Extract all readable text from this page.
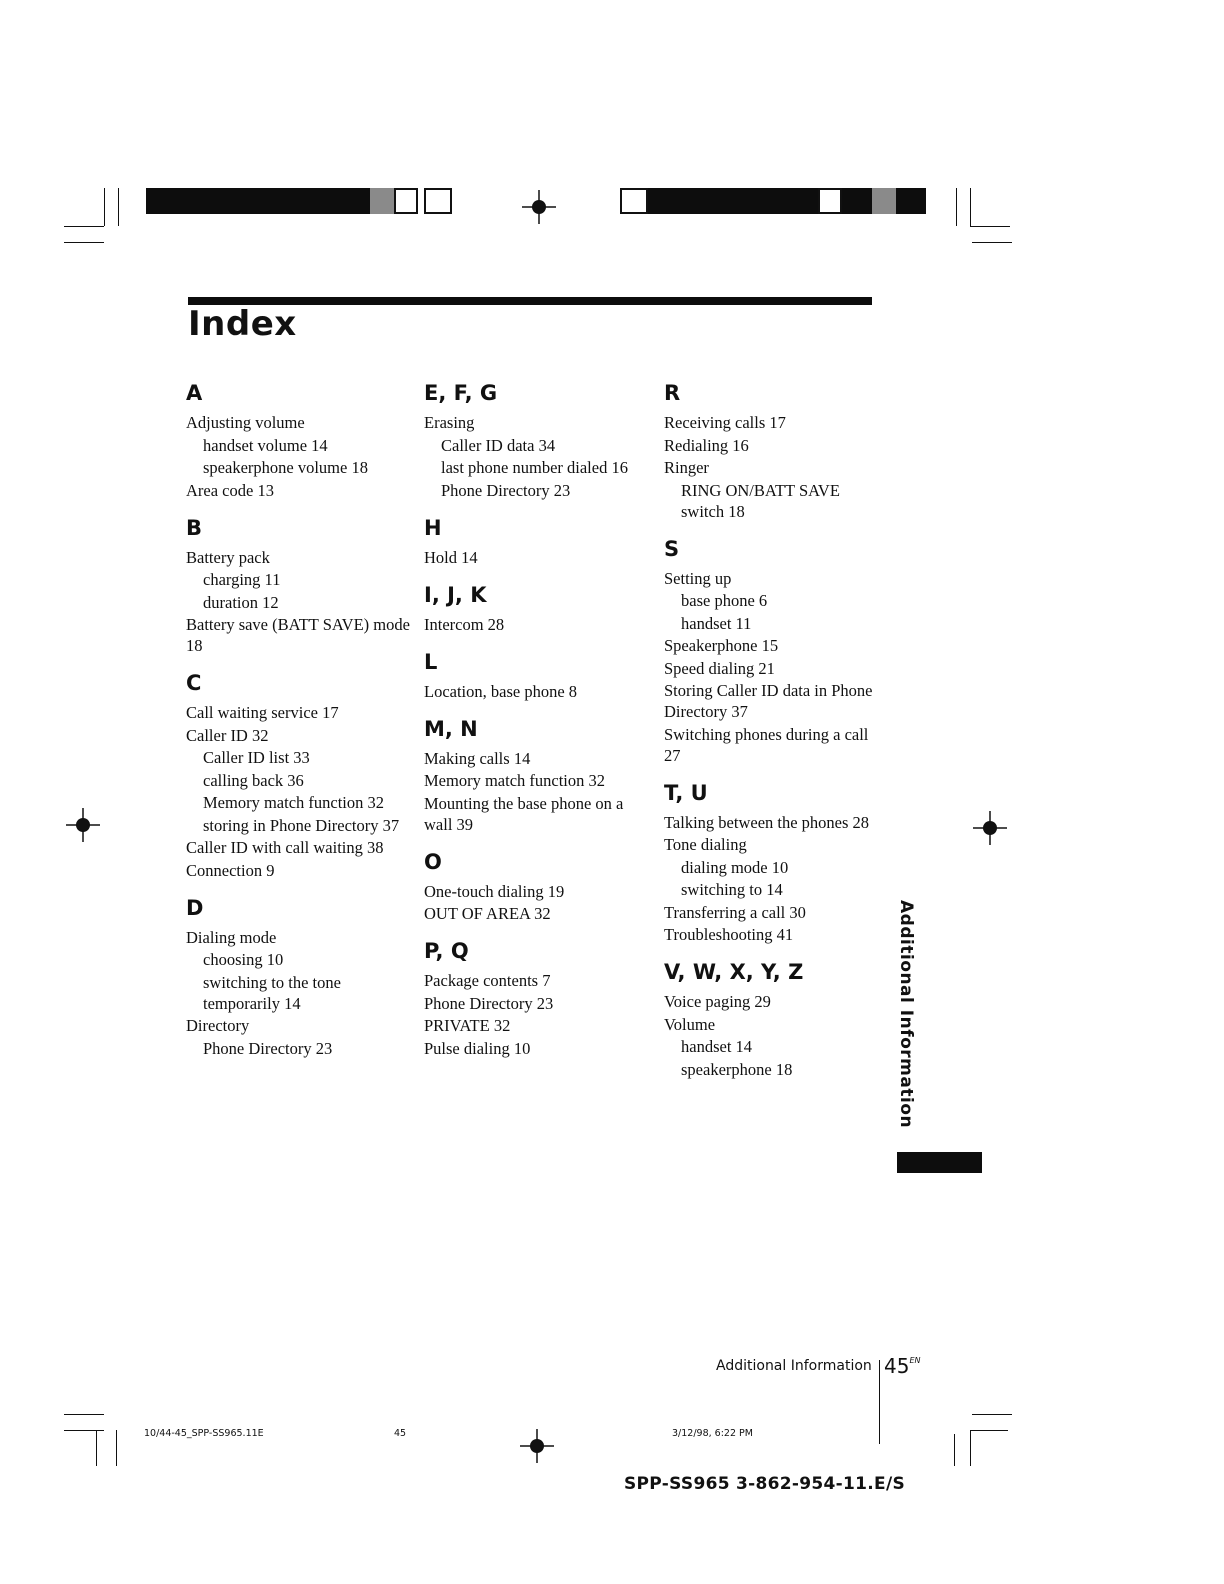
Index
A
Adjusting volume
handset volume 14
speakerphone volume 18
Area code 13
B
Battery pack
charging 11
duration 12
Battery save (BATT SAVE) mode 18
C
Call waiting service 17
Caller ID 32
Caller ID list 33
calling back 36
Memory match function 32
storing in Phone Directory 37
Caller ID with call waiting 38
Connection 9
D
Dialing mode
choosing 10
switching to the tone temporarily 14
Directory
Phone Directory 23
E, F, G
Erasing
Caller ID data 34
last phone number dialed 16
Phone Directory 23
H
Hold 14
I, J, K
Intercom 28
L
Location, base phone 8
M, N
Making calls 14
Memory match function 32
Mounting the base phone on a wall 39
O
One-touch dialing 19
OUT OF AREA 32
P, Q
Package contents 7
Phone Directory 23
PRIVATE 32
Pulse dialing 10
R
Receiving calls 17
Redialing 16
Ringer
RING ON/BATT SAVE switch 18
S
Setting up
base phone 6
handset 11
Speakerphone 15
Speed dialing 21
Storing Caller ID data in Phone Directory 37
Switching phones during a call 27
T, U
Talking between the phones 28
Tone dialing
dialing mode 10
switching to 14
Transferring a call 30
Troubleshooting 41
V, W, X, Y, Z
Voice paging 29
Volume
handset 14
speakerphone 18	Additional Information
Additional Information $45^{EN}$
10/44-45_SPP-SS965.11E	45	3/12/98, 6:22 PM
SPP-SS965 3-862-954-11.E/S
